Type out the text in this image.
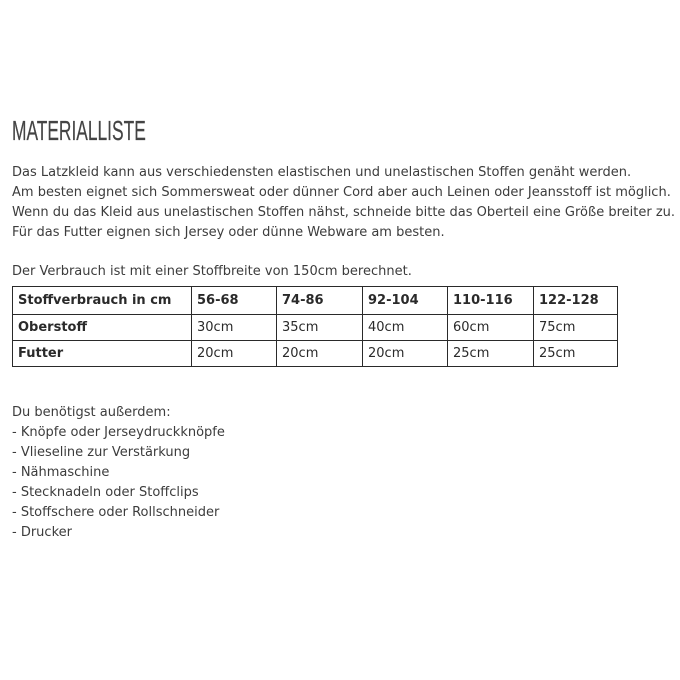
MATERIALLISTE

Das Latzkleid kann aus verschiedensten elastischen und unelastischen Stoffen genäht werden.

Am besten eignet sich Sommersweat oder dünner Cord aber auch Leinen oder Jeansstoff ist möglich.

Wenn du das Kleid aus unelastischen Stoffen nähst, schneide bitte das Oberteil eine Größe breiter zu.

Für das Futter eignen sich Jersey oder dünne Webware am besten.

Der Verbrauch ist mit einer Stoffbreite von 150cm berechnet.
Stoffverbrauch in cm	56-68	74-86	92-104	110-116	122-128
Oberstoff	30cm	35cm	40cm	60cm	75cm
Futter	20cm	20cm	20cm	25cm	25cm

Du benötigst außerdem:

- Knöpfe oder Jerseydruckknöpfe

- Vlieseline zur Verstärkung

- Nähmaschine

- Stecknadeln oder Stoffclips

- Stoffschere oder Rollschneider

- Drucker
